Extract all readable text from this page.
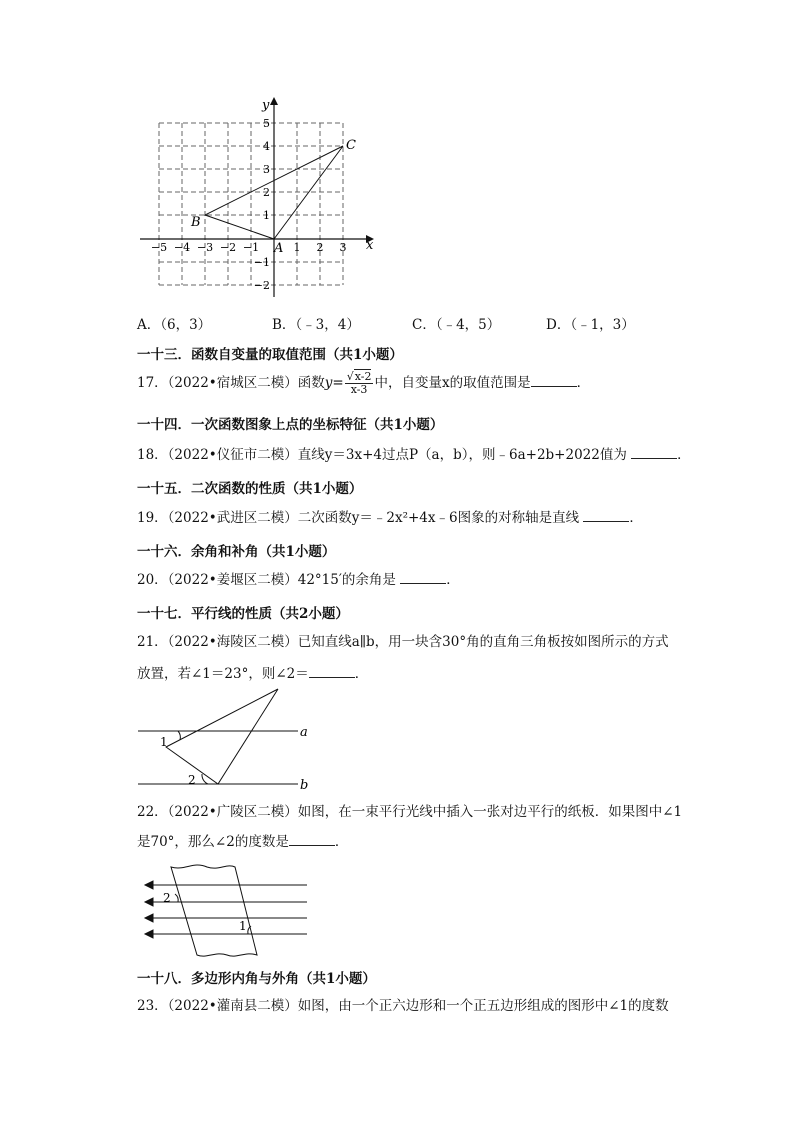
y
x
−5 −4 −3 −2 −1	1 2 3
5
4
3
2
1
−1
−2
A
B
C
A．（6，3）	B．（﹣3，4）	C．（﹣4，5）	D．（﹣1，3）
一十三．函数自变量的取值范围（共1小题）
17．（2022•宿城区二模）函数$y= \frac{√x-2}{x-3}$ 中，自变量x的取值范围是	．
一十四．一次函数图象上点的坐标特征（共1小题）
18．（2022•仪征市二模）直线y＝3x+4过点P（a，b），则﹣6a+2b+2022值为	．
一十五．二次函数的性质（共1小题）
19．（2022•武进区二模）二次函数y＝﹣2x²+4x﹣6图象的对称轴是直线	．
一十六．余角和补角（共1小题）
20．（2022•姜堰区二模）42°15′的余角是	．
一十七．平行线的性质（共2小题）
21．（2022•海陵区二模）已知直线a∥b，用一块含30°角的直角三角板按如图所示的方式
放置，若∠1＝23°，则∠2＝	．
a
b
1
2
22．（2022•广陵区二模）如图，在一束平行光线中插入一张对边平行的纸板．如果图中∠1
是70°，那么∠2的度数是	．
2
1
一十八．多边形内角与外角（共1小题）
23．（2022•灌南县二模）如图，由一个正六边形和一个正五边形组成的图形中∠1的度数
